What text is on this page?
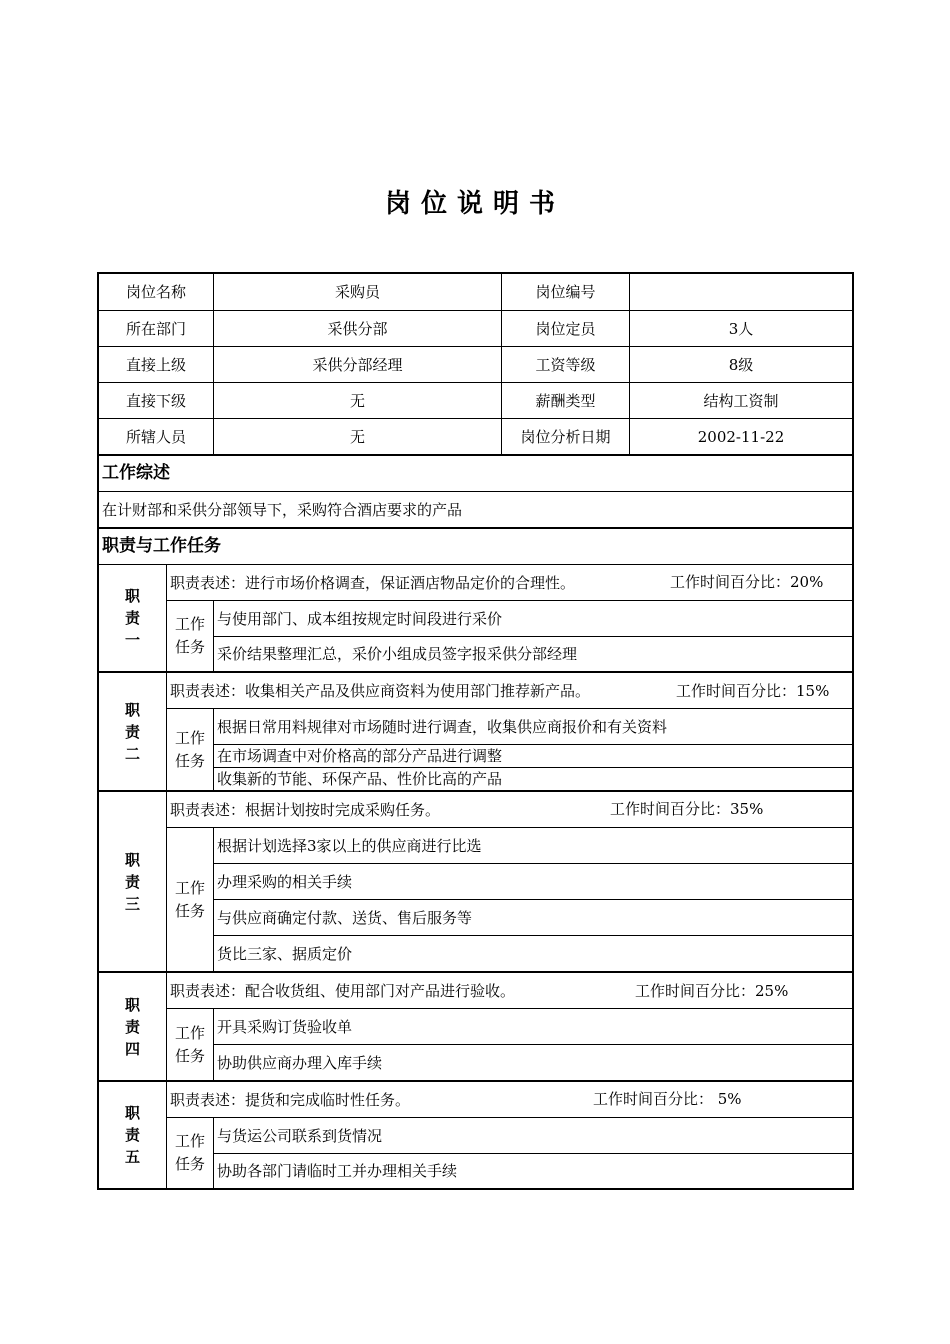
岗位说明书
岗位名称	采购员	岗位编号
所在部门	采供分部	岗位定员	3人
直接上级	采供分部经理	工资等级	8级
直接下级	无	薪酬类型	结构工资制
所辖人员	无	岗位分析日期	2002-11-22
工作综述
在计财部和采供分部领导下，采购符合酒店要求的产品
职责与工作任务
职
责
一
职责表述：进行市场价格调查，保证酒店物品定价的合理性。	工作时间百分比：20%
工作
任务
与使用部门、成本组按规定时间段进行采价
采价结果整理汇总，采价小组成员签字报采供分部经理
职
责
二
职责表述：收集相关产品及供应商资料为使用部门推荐新产品。	工作时间百分比：15%
工作
任务
根据日常用料规律对市场随时进行调查，收集供应商报价和有关资料
在市场调查中对价格高的部分产品进行调整
收集新的节能、环保产品、性价比高的产品
职
责
三
职责表述：根据计划按时完成采购任务。	工作时间百分比：35%
工作
任务
根据计划选择3家以上的供应商进行比选
办理采购的相关手续
与供应商确定付款、送货、售后服务等
货比三家、据质定价
职
责
四
职责表述：配合收货组、使用部门对产品进行验收。	工作时间百分比：25%
工作
任务
开具采购订货验收单
协助供应商办理入库手续
职
责
五
职责表述：提货和完成临时性任务。	工作时间百分比： 5%
工作
任务
与货运公司联系到货情况
协助各部门请临时工并办理相关手续
